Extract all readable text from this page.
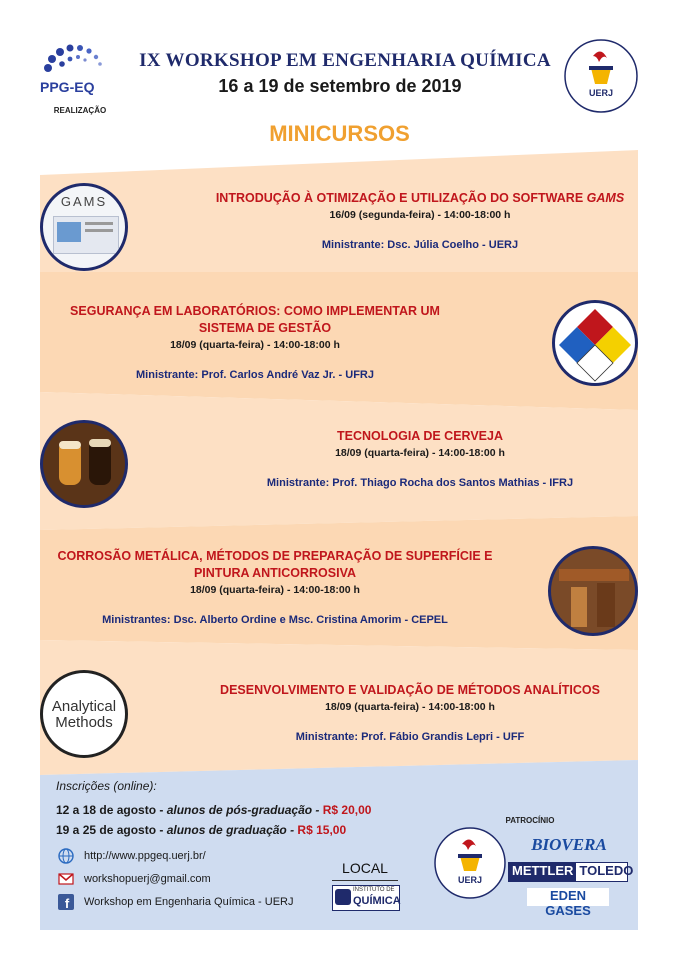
PPG-EQ
REALIZAÇÃO
IX WORKSHOP EM ENGENHARIA QUÍMICA
16 a 19 de setembro de 2019	UERJ
MINICURSOS
GAMS	INTRODUÇÃO À OTIMIZAÇÃO E UTILIZAÇÃO DO SOFTWARE GAMS
16/09 (segunda-feira) - 14:00-18:00 h
Ministrante: Dsc. Júlia Coelho - UERJ
SEGURANÇA EM LABORATÓRIOS: COMO IMPLEMENTAR UM
SISTEMA DE GESTÃO
18/09 (quarta-feira) - 14:00-18:00 h
Ministrante: Prof. Carlos André Vaz Jr. - UFRJ
TECNOLOGIA DE CERVEJA
18/09 (quarta-feira) - 14:00-18:00 h
Ministrante: Prof. Thiago Rocha dos Santos Mathias - IFRJ
CORROSÃO METÁLICA, MÉTODOS DE PREPARAÇÃO DE SUPERFÍCIE E
PINTURA ANTICORROSIVA
18/09 (quarta-feira) - 14:00-18:00 h
Ministrantes: Dsc. Alberto Ordine e Msc. Cristina Amorim - CEPEL
Analytical
Methods
DESENVOLVIMENTO E VALIDAÇÃO DE MÉTODOS ANALÍTICOS
18/09 (quarta-feira) - 14:00-18:00 h
Ministrante: Prof. Fábio Grandis Lepri - UFF
Inscrições (online):
12 a 18 de agosto - alunos de pós-graduação - R$ 20,00
19 a 25 de agosto - alunos de graduação - R$ 15,00
http://www.ppgeq.uerj.br/
workshopuerj@gmail.com
f Workshop em Engenharia Química - UERJ
LOCAL
INSTITUTO DE
QUÍMICA
PATROCÍNIO
UERJ
BIOVERA
METTLER TOLEDO
EDEN GASES
